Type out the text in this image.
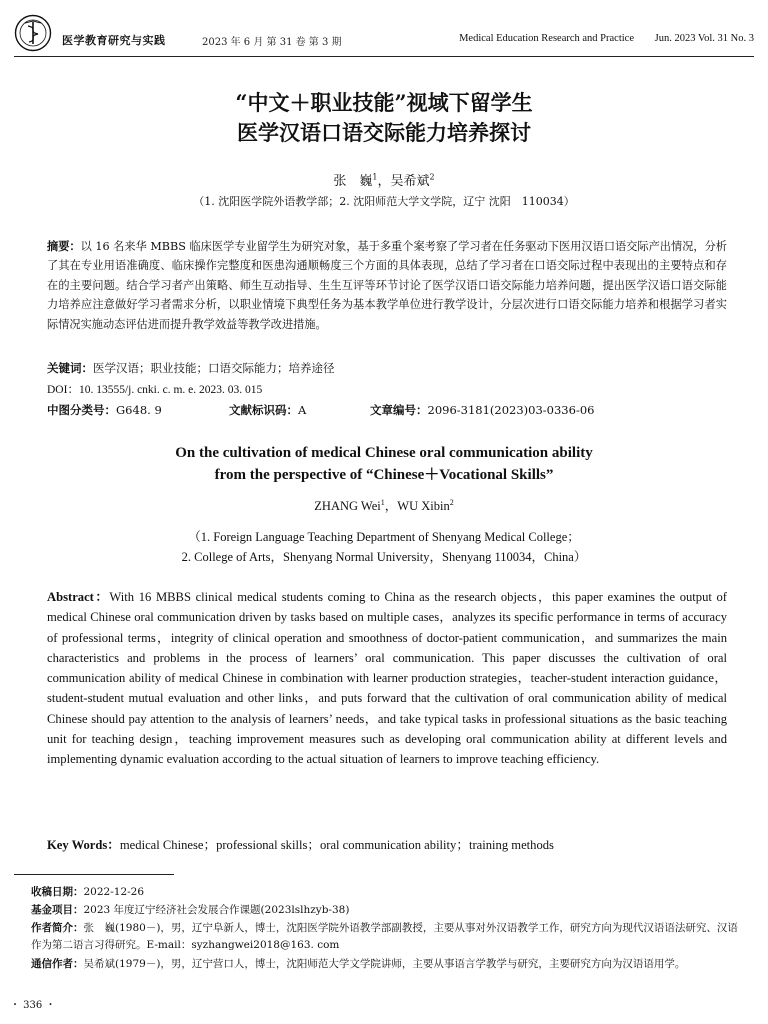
医学教育研究与实践	2023 年 6 月 第 31 卷 第 3 期	Medical Education Research and Practice Jun. 2023 Vol. 31 No. 3
“中文＋职业技能”视域下留学生
医学汉语口语交际能力培养探讨
张　巍$^1$，吴希斌$^2$
（1. 沈阳医学院外语教学部；2. 沈阳师范大学文学院，辽宁 沈阳　110034）
摘要：以 16 名来华 MBBS 临床医学专业留学生为研究对象，基于多重个案考察了学习者在任务驱动下医用汉语口语交际产出情况，分析了其在专业用语准确度、临床操作完整度和医患沟通顺畅度三个方面的具体表现，总结了学习者在口语交际过程中表现出的主要特点和存在的主要问题。结合学习者产出策略、师生互动指导、生生互评等环节讨论了医学汉语口语交际能力培养问题，提出医学汉语口语交际能力培养应注意做好学习者需求分析，以职业情境下典型任务为基本教学单位进行教学设计，分层次进行口语交际能力培养和根据学习者实际情况实施动态评估进而提升教学效益等教学改进措施。
关键词：医学汉语；职业技能；口语交际能力；培养途径
DOI：10. 13555/j. cnki. c. m. e. 2023. 03. 015
中图分类号：G648. 9	文献标识码：A	文章编号：2096-3181(2023)03-0336-06
On the cultivation of medical Chinese oral communication ability
from the perspective of “Chinese＋Vocational Skills”
ZHANG Wei$^1$，WU Xibin$^2$
（1. Foreign Language Teaching Department of Shenyang Medical College；
2. College of Arts，Shenyang Normal University，Shenyang 110034，China）
Abstract：With 16 MBBS clinical medical students coming to China as the research objects，this paper examines the output of medical Chinese oral communication driven by tasks based on multiple cases，analyzes its specific performance in terms of accuracy of professional terms，integrity of clinical operation and smoothness of doctor-patient communication，and summarizes the main characteristics and problems in the process of learners’ oral communication. This paper discusses the cultivation of oral communication ability of medical Chinese in combination with learner production strategies，teacher-student interaction guidance，student-student mutual evaluation and other links，and puts forward that the cultivation of oral communication ability of medical Chinese should pay attention to the analysis of learners’ needs，and take typical tasks in professional situations as the basic teaching unit for teaching design，teaching improvement measures such as developing oral communication ability at different levels and implementing dynamic evaluation according to the actual situation of learners to improve teaching efficiency.
Key Words：medical Chinese；professional skills；oral communication ability；training methods
收稿日期：2022-12-26
基金项目：2023 年度辽宁经济社会发展合作课题(2023lslhzyb-38)
作者简介：张　巍(1980－)，男，辽宁阜新人，博士，沈阳医学院外语教学部副教授，主要从事对外汉语教学工作，研究方向为现代汉语语法研究、汉语作为第二语言习得研究。E-mail：syzhangwei2018@163. com
通信作者：吴希斌(1979－)，男，辽宁营口人，博士，沈阳师范大学文学院讲师，主要从事语言学教学与研究，主要研究方向为汉语语用学。
・ 336 ・
